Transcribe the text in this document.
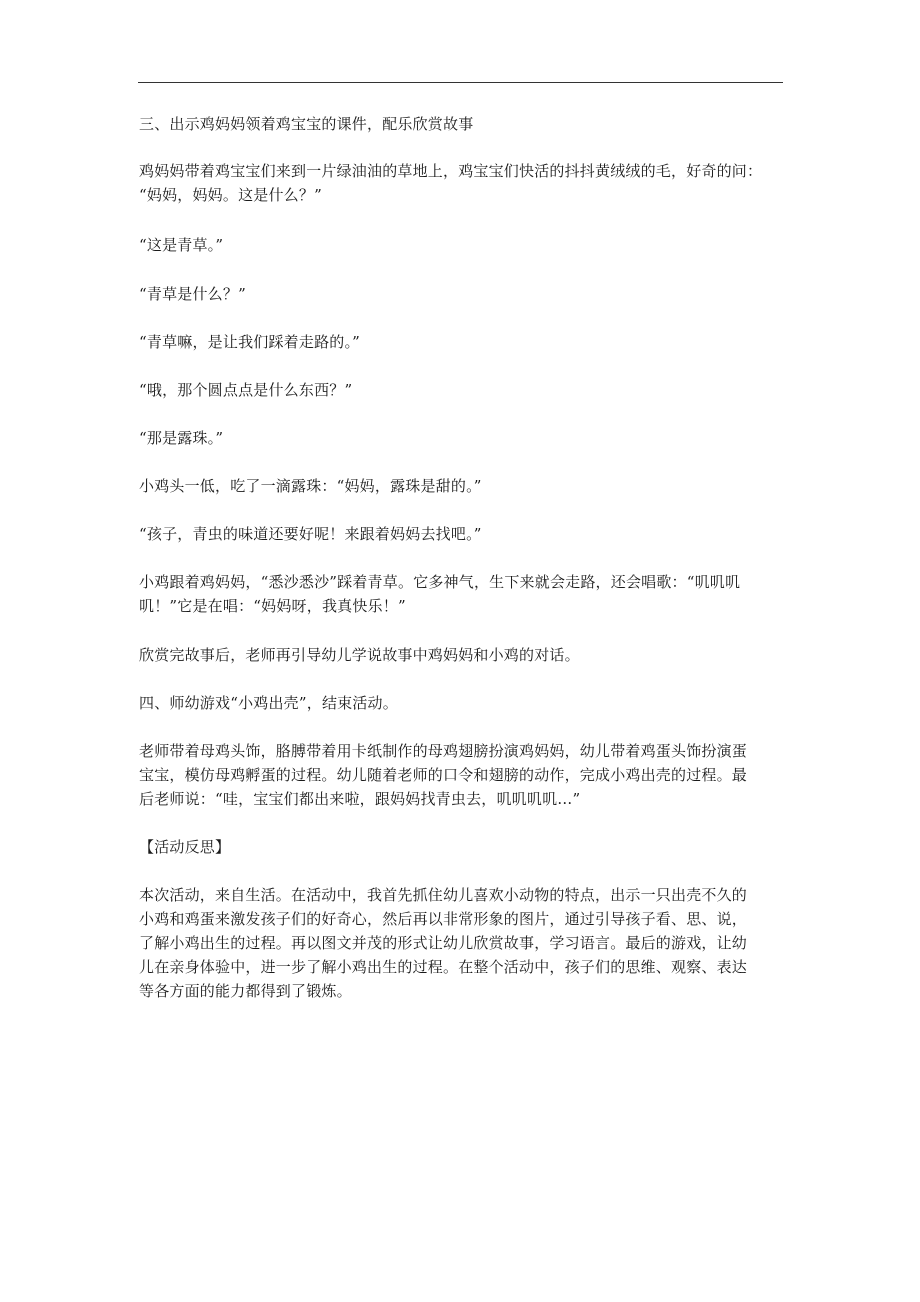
三、出示鸡妈妈领着鸡宝宝的课件，配乐欣赏故事
鸡妈妈带着鸡宝宝们来到一片绿油油的草地上，鸡宝宝们快活的抖抖黄绒绒的毛，好奇的问：
“妈妈，妈妈。这是什么？”
“这是青草。”
“青草是什么？”
“青草嘛，是让我们踩着走路的。”
“哦，那个圆点点是什么东西？”
“那是露珠。”
小鸡头一低，吃了一滴露珠：“妈妈，露珠是甜的。”
“孩子，青虫的味道还要好呢！来跟着妈妈去找吧。”
小鸡跟着鸡妈妈，“悉沙悉沙”踩着青草。它多神气，生下来就会走路，还会唱歌：“叽叽叽
叽！”它是在唱：“妈妈呀，我真快乐！”
欣赏完故事后，老师再引导幼儿学说故事中鸡妈妈和小鸡的对话。
四、师幼游戏“小鸡出壳”，结束活动。
老师带着母鸡头饰，胳膊带着用卡纸制作的母鸡翅膀扮演鸡妈妈，幼儿带着鸡蛋头饰扮演蛋
宝宝，模仿母鸡孵蛋的过程。幼儿随着老师的口令和翅膀的动作，完成小鸡出壳的过程。最
后老师说：“哇，宝宝们都出来啦，跟妈妈找青虫去，叽叽叽叽…”
【活动反思】
本次活动，来自生活。在活动中，我首先抓住幼儿喜欢小动物的特点，出示一只出壳不久的
小鸡和鸡蛋来激发孩子们的好奇心，然后再以非常形象的图片，通过引导孩子看、思、说，
了解小鸡出生的过程。再以图文并茂的形式让幼儿欣赏故事，学习语言。最后的游戏，让幼
儿在亲身体验中，进一步了解小鸡出生的过程。在整个活动中，孩子们的思维、观察、表达
等各方面的能力都得到了锻炼。
